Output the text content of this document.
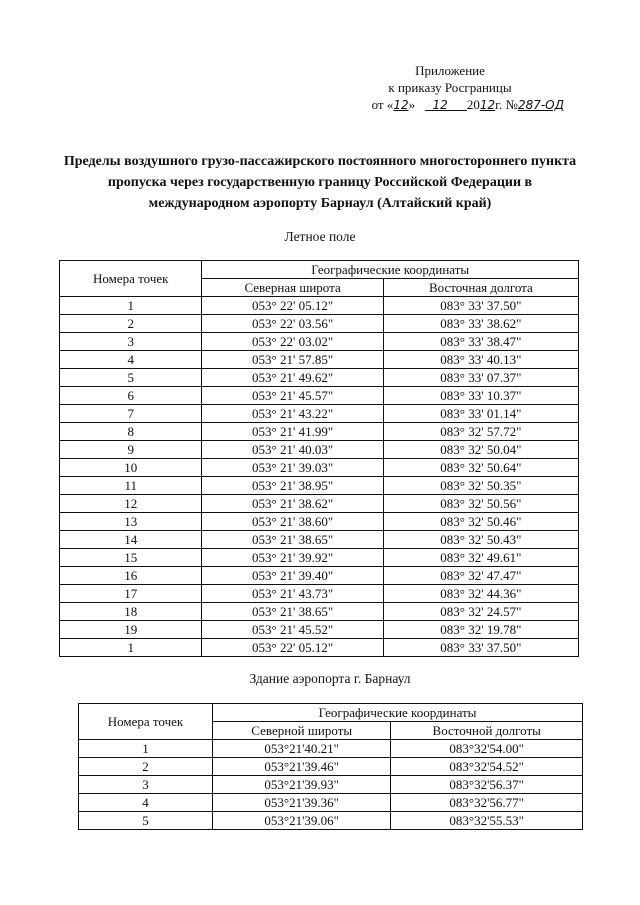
Приложение
к приказу Росграницы
от «12» 12 2012г. №287-ОД
Пределы воздушного грузо-пассажирского постоянного многостороннего пункта пропуска через государственную границу Российской Федерации в международном аэропорту Барнаул (Алтайский край)
Летное поле
Номера точек	Географические координаты	
	Северная широта	Восточная долгота
1	053° 22' 05.12"	083° 33' 37.50"
2	053° 22' 03.56"	083° 33' 38.62"
3	053° 22' 03.02"	083° 33' 38.47"
4	053° 21' 57.85"	083° 33' 40.13"
5	053° 21' 49.62"	083° 33' 07.37"
6	053° 21' 45.57"	083° 33' 10.37"
7	053° 21' 43.22"	083° 33' 01.14"
8	053° 21' 41.99"	083° 32' 57.72"
9	053° 21' 40.03"	083° 32' 50.04"
10	053° 21' 39.03"	083° 32' 50.64"
11	053° 21' 38.95"	083° 32' 50.35"
12	053° 21' 38.62"	083° 32' 50.56"
13	053° 21' 38.60"	083° 32' 50.46"
14	053° 21' 38.65"	083° 32' 50.43"
15	053° 21' 39.92"	083° 32' 49.61"
16	053° 21' 39.40"	083° 32' 47.47"
17	053° 21' 43.73"	083° 32' 44.36"
18	053° 21' 38.65"	083° 32' 24.57"
19	053° 21' 45.52"	083° 32' 19.78"
1	053° 22' 05.12"	083° 33' 37.50"
Здание аэропорта г. Барнаул
Номера точек	Географические координаты	
	Северной широты	Восточной долготы
1	053°21'40.21"	083°32'54.00"
2	053°21'39.46"	083°32'54.52"
3	053°21'39.93"	083°32'56.37"
4	053°21'39.36"	083°32'56.77"
5	053°21'39.06"	083°32'55.53"
